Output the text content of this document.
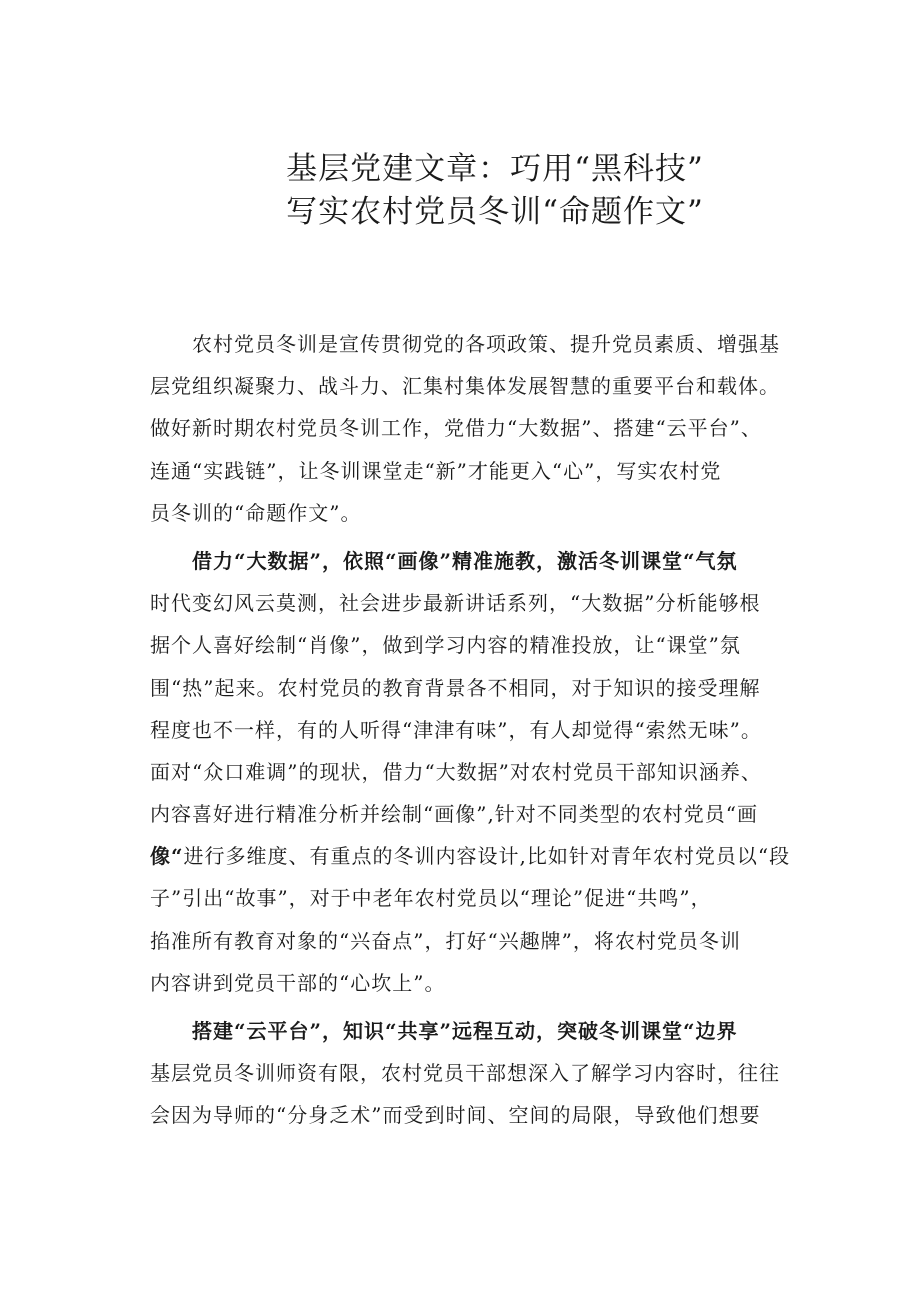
基层党建文章：巧用“黑科技”
写实农村党员冬训“命题作文”
农村党员冬训是宣传贯彻党的各项政策、提升党员素质、增强基
层党组织凝聚力、战斗力、汇集村集体发展智慧的重要平台和载体。
做好新时期农村党员冬训工作，党借力“大数据”、搭建“云平台”、
连通“实践链”，让冬训课堂走“新”才能更入“心”，写实农村党
员冬训的“命题作文”。
借力“大数据”，依照“画像”精准施教，激活冬训课堂“气氛
时代变幻风云莫测，社会进步最新讲话系列，“大数据”分析能够根
据个人喜好绘制“肖像”，做到学习内容的精准投放，让“课堂”氛
围“热”起来。农村党员的教育背景各不相同，对于知识的接受理解
程度也不一样，有的人听得“津津有味”，有人却觉得“索然无味”。
面对“众口难调”的现状，借力“大数据”对农村党员干部知识涵养、
内容喜好进行精准分析并绘制“画像”,针对不同类型的农村党员“画
像“进行多维度、有重点的冬训内容设计,比如针对青年农村党员以“段
子”引出“故事”，对于中老年农村党员以“理论”促进“共鸣”，
掐准所有教育对象的“兴奋点”，打好“兴趣牌”，将农村党员冬训
内容讲到党员干部的“心坎上”。
搭建“云平台”，知识“共享”远程互动，突破冬训课堂“边界
基层党员冬训师资有限，农村党员干部想深入了解学习内容时，往往
会因为导师的“分身乏术”而受到时间、空间的局限，导致他们想要
